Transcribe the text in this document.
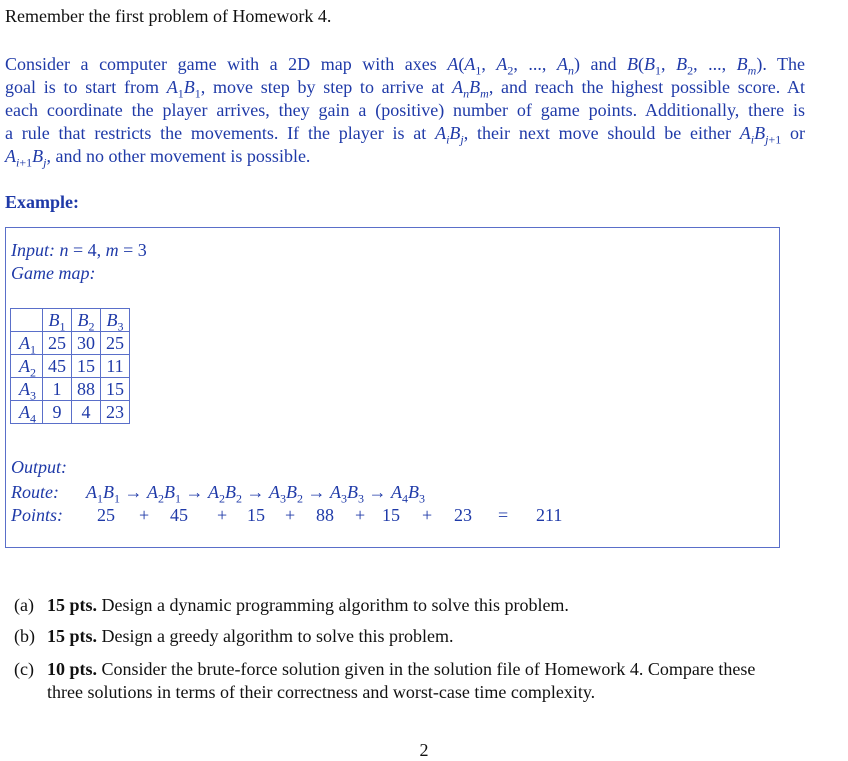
Remember the first problem of Homework 4.
Consider a computer game with a 2D map with axes $A(A_1$, $A_2$, ..., $A_n$) and $B(B_1$, $B_2$, ..., $B_m$). The
goal is to start from $A_1B_1$, move step by step to arrive at $A_nB_m$, and reach the highest possible score. At
each coordinate the player arrives, they gain a (positive) number of game points. Additionally, there is
a rule that restricts the movements. If the player is at $A_iB_j$, their next move should be either $A_iB_{j+1}$ or
$A_{i+1}B_j$, and no other movement is possible.
Example:
Input: n = 4, m = 3
Game map:
	$B_1$	$B_2$	$B_3$
$A_1$	25	30	25
$A_2$	45	15	11
$A_3$	1	88	15
$A_4$	9	4	23
Output:
Route: $A_1B_1 \to A_2B_1 \to A_2B_2 \to A_3B_2 \to A_3B_3 \to A_4B_3$
Points: 25 + 45 + 15 + 88 + 15 + 23 = 211
(a) 15 pts. Design a dynamic programming algorithm to solve this problem.
(b) 15 pts. Design a greedy algorithm to solve this problem.
(c) 10 pts. Consider the brute-force solution given in the solution file of Homework 4. Compare these
three solutions in terms of their correctness and worst-case time complexity.
2
